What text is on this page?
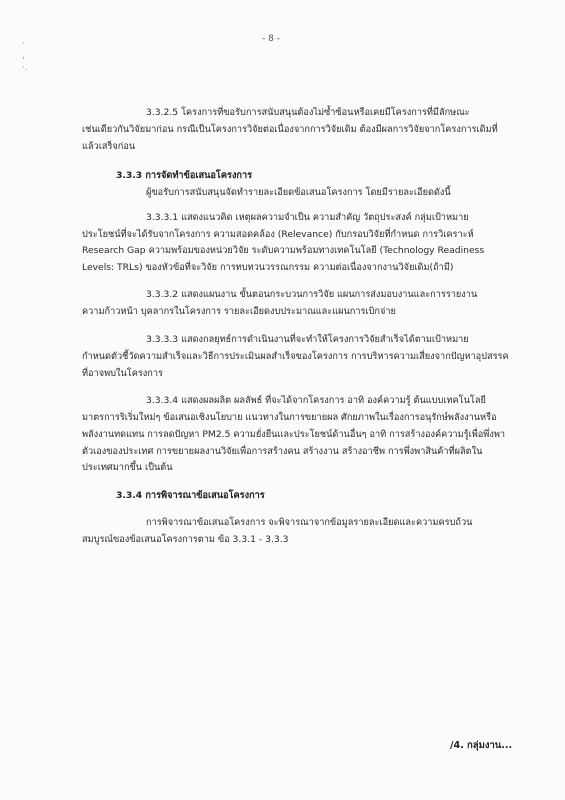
- 8 -
·
,
·.
3.3.2.5 โครงการที่ขอรับการสนับสนุนต้องไม่ซ้ำซ้อนหรือเคยมีโครงการที่มีลักษณะ
เช่นเดียวกันวิจัยมาก่อน กรณีเป็นโครงการวิจัยต่อเนื่องจากการวิจัยเดิม ต้องมีผลการวิจัยจากโครงการเดิมที่
แล้วเสร็จก่อน
3.3.3 การจัดทำข้อเสนอโครงการ
ผู้ขอรับการสนับสนุนจัดทำรายละเอียดข้อเสนอโครงการ โดยมีรายละเอียดดังนี้
3.3.3.1 แสดงแนวคิด เหตุผลความจำเป็น ความสำคัญ วัตถุประสงค์ กลุ่มเป้าหมาย
ประโยชน์ที่จะได้รับจากโครงการ ความสอดคล้อง (Relevance) กับกรอบวิจัยที่กำหนด การวิเคราะห์
Research Gap ความพร้อมของหน่วยวิจัย ระดับความพร้อมทางเทคโนโลยี (Technology Readiness
Levels: TRLs) ของหัวข้อที่จะวิจัย การทบทวนวรรณกรรม ความต่อเนื่องจากงานวิจัยเดิม(ถ้ามี)
3.3.3.2 แสดงแผนงาน ขั้นตอนกระบวนการวิจัย แผนการส่งมอบงานและการรายงาน
ความก้าวหน้า บุคลากรในโครงการ รายละเอียดงบประมาณและแผนการเบิกจ่าย
3.3.3.3 แสดงกลยุทธ์การดำเนินงานที่จะทำให้โครงการวิจัยสำเร็จได้ตามเป้าหมาย
กำหนดตัวชี้วัดความสำเร็จและวิธีการประเมินผลสำเร็จของโครงการ การบริหารความเสี่ยงจากปัญหาอุปสรรค
ที่อาจพบในโครงการ
3.3.3.4 แสดงผลผลิต ผลลัพธ์ ที่จะได้จากโครงการ อาทิ องค์ความรู้ ต้นแบบเทคโนโลยี
มาตรการริเริ่มใหม่ๆ ข้อเสนอเชิงนโยบาย แนวทางในการขยายผล ศักยภาพในเรื่องการอนุรักษ์พลังงานหรือ
พลังงานทดแทน การลดปัญหา PM2.5 ความยั่งยืนและประโยชน์ด้านอื่นๆ อาทิ การสร้างองค์ความรู้เพื่อพึ่งพา
ตัวเองของประเทศ การขยายผลงานวิจัยเพื่อการสร้างคน สร้างงาน สร้างอาชีพ การพึ่งพาสินค้าที่ผลิตใน
ประเทศมากขึ้น เป็นต้น
3.3.4 การพิจารณาข้อเสนอโครงการ
การพิจารณาข้อเสนอโครงการ จะพิจารณาจากข้อมูลรายละเอียดและความครบถ้วน
สมบูรณ์ของข้อเสนอโครงการตาม ข้อ 3.3.1 - 3.3.3
/4. กลุ่มงาน...
